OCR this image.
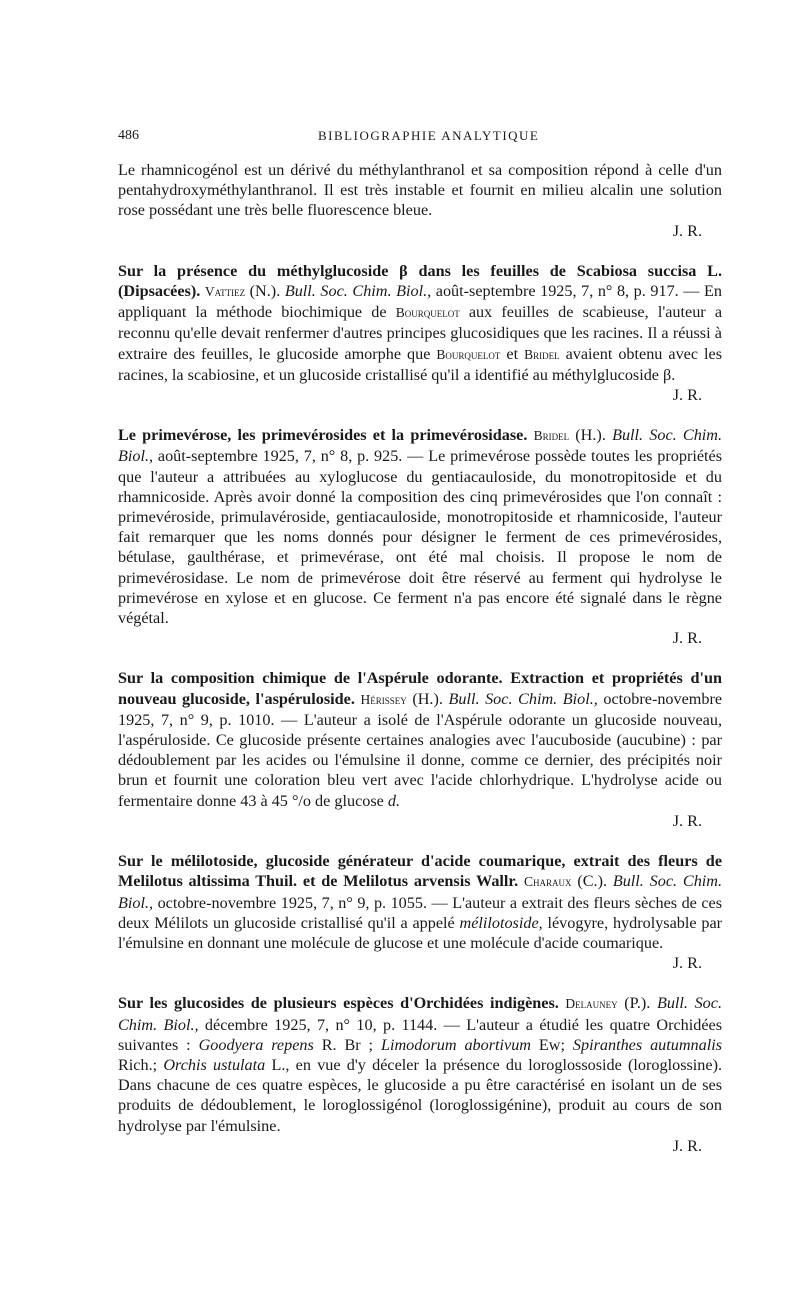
486	BIBLIOGRAPHIE ANALYTIQUE

Le rhamnicogénol est un dérivé du méthylanthranol et sa composition répond à celle d'un pentahydroxyméthylanthranol. Il est très instable et fournit en milieu alcalin une solution rose possédant une très belle fluorescence bleue.

J. R.

Sur la présence du méthylglucoside β dans les feuilles de Scabiosa succisa L. (Dipsacées). Vattiez (N.). Bull. Soc. Chim. Biol., août-septembre 1925, 7, n° 8, p. 917. — En appliquant la méthode biochimique de Bourquelot aux feuilles de scabieuse, l'auteur a reconnu qu'elle devait renfermer d'autres principes glucosidiques que les racines. Il a réussi à extraire des feuilles, le glucoside amorphe que Bourquelot et Bridel avaient obtenu avec les racines, la scabiosine, et un glucoside cristallisé qu'il a identifié au méthylglucoside β.

J. R.

Le primevérose, les primevérosides et la primevérosidase. Bridel (H.). Bull. Soc. Chim. Biol., août-septembre 1925, 7, n° 8, p. 925. — Le primevérose possède toutes les propriétés que l'auteur a attribuées au xyloglucose du gentiacauloside, du monotropitoside et du rhamnicoside. Après avoir donné la composition des cinq primevérosides que l'on connaît : primevéroside, primulavéroside, gentiacauloside, monotropitoside et rhamnicoside, l'auteur fait remarquer que les noms donnés pour désigner le ferment de ces primevérosides, bétulase, gaulthérase, et primevérase, ont été mal choisis. Il propose le nom de primevérosidase. Le nom de primevérose doit être réservé au ferment qui hydrolyse le primevérose en xylose et en glucose. Ce ferment n'a pas encore été signalé dans le règne végétal.

J. R.

Sur la composition chimique de l'Aspérule odorante. Extraction et propriétés d'un nouveau glucoside, l'aspéruloside. Hérissey (H.). Bull. Soc. Chim. Biol., octobre-novembre 1925, 7, n° 9, p. 1010. — L'auteur a isolé de l'Aspérule odorante un glucoside nouveau, l'aspéruloside. Ce glucoside présente certaines analogies avec l'aucuboside (aucubine) : par dédoublement par les acides ou l'émulsine il donne, comme ce dernier, des précipités noir brun et fournit une coloration bleu vert avec l'acide chlorhydrique. L'hydrolyse acide ou fermentaire donne 43 à 45 °/o de glucose d.

J. R.

Sur le mélilotoside, glucoside générateur d'acide coumarique, extrait des fleurs de Melilotus altissima Thuil. et de Melilotus arvensis Wallr. Charaux (C.). Bull. Soc. Chim. Biol., octobre-novembre 1925, 7, n° 9, p. 1055. — L'auteur a extrait des fleurs sèches de ces deux Mélilots un glucoside cristallisé qu'il a appelé mélilotoside, lévogyre, hydrolysable par l'émulsine en donnant une molécule de glucose et une molécule d'acide coumarique.

J. R.

Sur les glucosides de plusieurs espèces d'Orchidées indigènes. Delauney (P.). Bull. Soc. Chim. Biol., décembre 1925, 7, n° 10, p. 1144. — L'auteur a étudié les quatre Orchidées suivantes : Goodyera repens R. Br ; Limodorum abortivum Ew; Spiranthes autumnalis Rich.; Orchis ustulata L., en vue d'y déceler la présence du loroglossoside (loroglossine). Dans chacune de ces quatre espèces, le glucoside a pu être caractérisé en isolant un de ses produits de dédoublement, le loroglossigénol (loroglossigénine), produit au cours de son hydrolyse par l'émulsine.

J. R.
